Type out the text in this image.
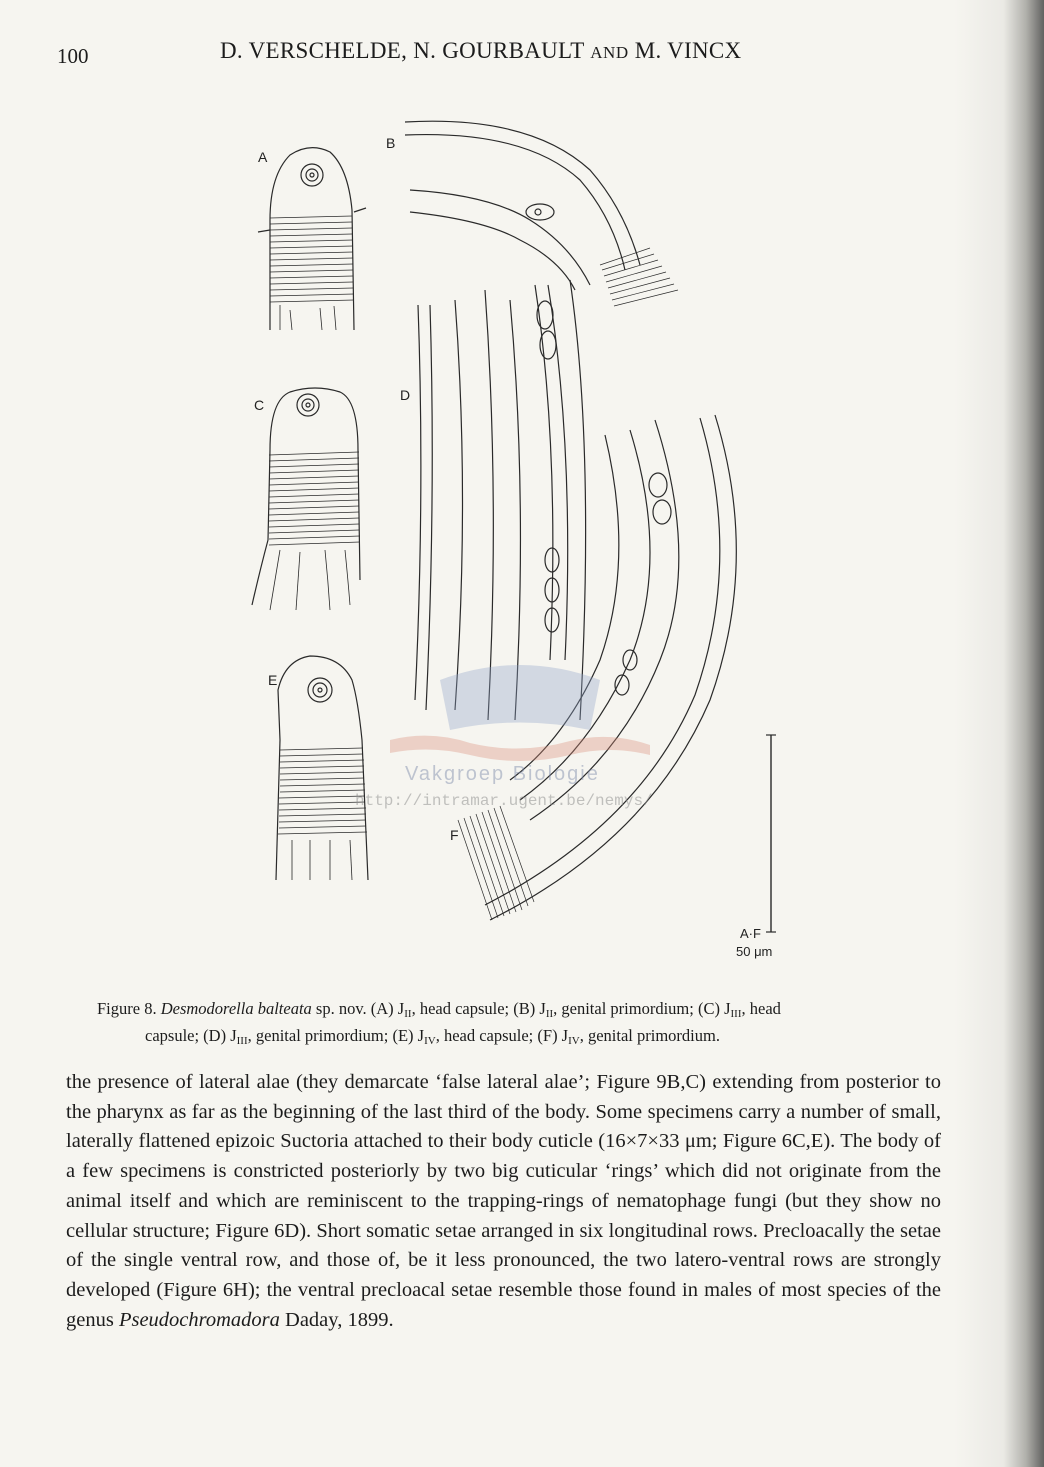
100	D. VERSCHELDE, N. GOURBAULT AND M. VINCX
A
B
C
D
E
F
A·F
50 μm
Vakgroep Biologie
http://intramar.ugent.be/nemys/
Figure 8. Desmodorella balteata sp. nov. (A) $J_{II}$, head capsule; (B) $J_{II}$, genital primordium; (C) $J_{III}$, head
capsule; (D) $J_{III}$, genital primordium; (E) $J_{IV}$, head capsule; (F) $J_{IV}$, genital primordium.

the presence of lateral alae (they demarcate ‘false lateral alae’; Figure 9B,C) extending from posterior to the pharynx as far as the beginning of the last third of the body. Some specimens carry a number of small, laterally flattened epizoic Suctoria attached to their body cuticle (16×7×33 μm; Figure 6C,E). The body of a few specimens is constricted posteriorly by two big cuticular ‘rings’ which did not originate from the animal itself and which are reminiscent to the trapping-rings of nematophage fungi (but they show no cellular structure; Figure 6D). Short somatic setae arranged in six longitudinal rows. Precloacally the setae of the single ventral row, and those of, be it less pronounced, the two latero-ventral rows are strongly developed (Figure 6H); the ventral precloacal setae resemble those found in males of most species of the genus Pseudochromadora Daday, 1899.
